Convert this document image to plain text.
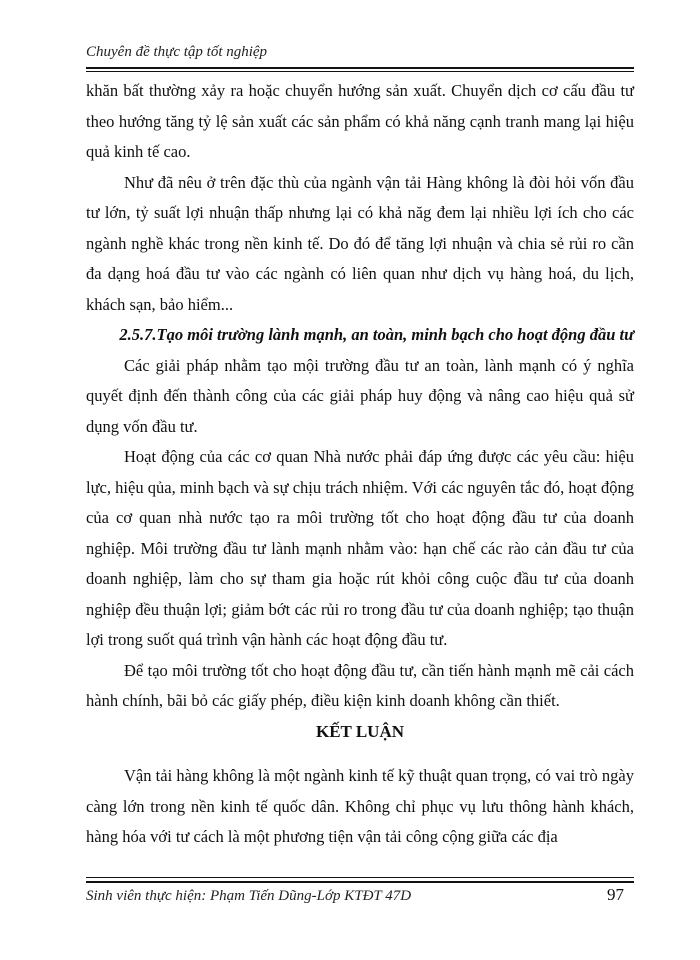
Chuyên đề thực tập tốt nghiệp

khăn bất thường xảy ra hoặc chuyển hướng sản xuất. Chuyển dịch cơ cấu đầu tư theo hướng tăng tỷ lệ sản xuất các sản phẩm có khả năng cạnh tranh mang lại hiệu quả kinh tế cao.

Như đã nêu ở trên đặc thù của ngành vận tải Hàng không là đòi hỏi vốn đầu tư lớn, tỷ suất lợi nhuận thấp nhưng lại có khả năg đem lại nhiều lợi ích cho các ngành nghề khác trong nền kinh tế. Do đó để tăng lợi nhuận và chia sẻ rủi ro cần đa dạng hoá đầu tư vào các ngành có liên quan như dịch vụ hàng hoá, du lịch, khách sạn, bảo hiểm...

2.5.7.Tạo môi trường lành mạnh, an toàn, minh bạch cho hoạt động đầu tư

Các giải pháp nhằm tạo mội trường đầu tư an toàn, lành mạnh có ý nghĩa quyết định đến thành công của các giải pháp huy động và nâng cao hiệu quả sử dụng vốn đầu tư.

Hoạt động của các cơ quan Nhà nước phải đáp ứng được các yêu cầu: hiệu lực, hiệu qủa, minh bạch và sự chịu trách nhiệm. Với các nguyên tắc đó, hoạt động của cơ quan nhà nước tạo ra môi trường tốt cho hoạt động đầu tư của doanh nghiệp. Môi trường đầu tư lành mạnh nhằm vào: hạn chế các rào cản đầu tư của doanh nghiệp, làm cho sự tham gia hoặc rút khỏi công cuộc đầu tư của doanh nghiệp đều thuận lợi; giảm bớt các rủi ro trong đầu tư của doanh nghiệp; tạo thuận lợi trong suốt quá trình vận hành các hoạt động đầu tư.

Để tạo môi trường tốt cho hoạt động đầu tư, cần tiến hành mạnh mẽ cải cách hành chính, bãi bỏ các giấy phép, điều kiện kinh doanh không cần thiết.

KẾT LUẬN

Vận tải hàng không là một ngành kinh tế kỹ thuật quan trọng, có vai trò ngày càng lớn trong nền kinh tế quốc dân. Không chỉ phục vụ lưu thông hành khách, hàng hóa với tư cách là một phương tiện vận tải công cộng giữa các địa

Sinh viên thực hiện: Phạm Tiến Dũng-Lớp KTĐT 47D	97
